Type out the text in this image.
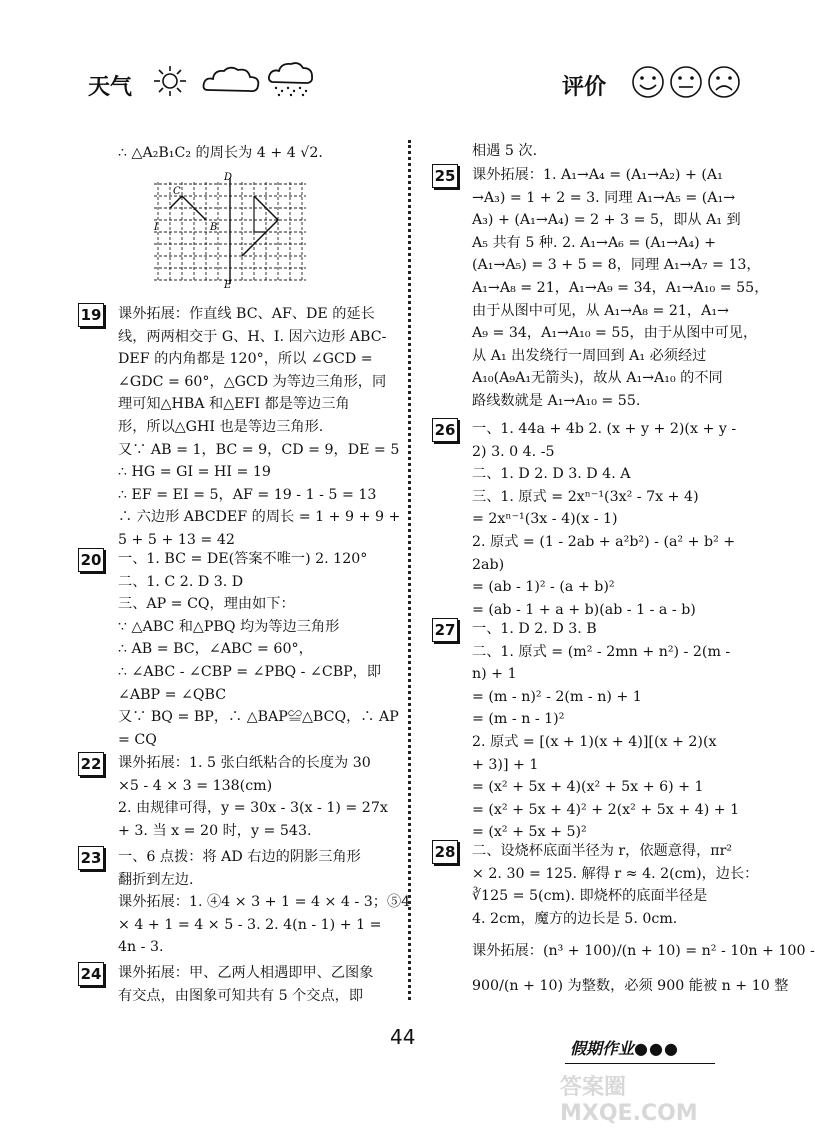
天气	评价
∴ △A₂B₁C₂ 的周长为 4 + 4 √2.
D
I
C
B
E
19 课外拓展：作直线 BC、AF、DE 的延长
线，两两相交于 G、H、I. 因六边形 ABC-
DEF 的内角都是 120°，所以 ∠GCD =
∠GDC = 60°，△GCD 为等边三角形，同
理可知△HBA 和△EFI 都是等边三角
形，所以△GHI 也是等边三角形.
又∵ AB = 1，BC = 9，CD = 9，DE = 5
∴ HG = GI = HI = 19
∴ EF = EI = 5，AF = 19 - 1 - 5 = 13
∴ 六边形 ABCDEF 的周长 = 1 + 9 + 9 +
5 + 5 + 13 = 42
20 一、1. BC = DE(答案不唯一) 2. 120°
二、1. C 2. D 3. D
三、AP = CQ，理由如下：
∵ △ABC 和△PBQ 均为等边三角形
∴ AB = BC，∠ABC = 60°，
∴ ∠ABC - ∠CBP = ∠PBQ - ∠CBP，即
∠ABP = ∠QBC
又∵ BQ = BP，∴ △BAP≌△BCQ，∴ AP
= CQ
22 课外拓展：1. 5 张白纸粘合的长度为 30
×5 - 4 × 3 = 138(cm)
2. 由规律可得，y = 30x - 3(x - 1) = 27x
+ 3. 当 x = 20 时，y = 543.
23 一、6 点拨：将 AD 右边的阴影三角形
翻折到左边.
课外拓展：1. ④4 × 3 + 1 = 4 × 4 - 3；⑤4
× 4 + 1 = 4 × 5 - 3. 2. 4(n - 1) + 1 =
4n - 3.
24 课外拓展：甲、乙两人相遇即甲、乙图象
有交点，由图象可知共有 5 个交点，即
相遇 5 次.
25 课外拓展：1. A₁→A₄ = (A₁→A₂) + (A₁
→A₃) = 1 + 2 = 3. 同理 A₁→A₅ = (A₁→
A₃) + (A₁→A₄) = 2 + 3 = 5，即从 A₁ 到
A₅ 共有 5 种. 2. A₁→A₆ = (A₁→A₄) +
(A₁→A₅) = 3 + 5 = 8，同理 A₁→A₇ = 13，
A₁→A₈ = 21，A₁→A₉ = 34，A₁→A₁₀ = 55，
由于从图中可见，从 A₁→A₈ = 21，A₁→
A₉ = 34，A₁→A₁₀ = 55，由于从图中可见，
从 A₁ 出发绕行一周回到 A₁ 必须经过
A₁₀(A₉A₁无箭头)，故从 A₁→A₁₀ 的不同
路线数就是 A₁→A₁₀ = 55.
26 一、1. 44a + 4b 2. (x + y + 2)(x + y -
2) 3. 0 4. -5
二、1. D 2. D 3. D 4. A
三、1. 原式 = 2xⁿ⁻¹(3x² - 7x + 4)
= 2xⁿ⁻¹(3x - 4)(x - 1)
2. 原式 = (1 - 2ab + a²b²) - (a² + b² +
2ab)
= (ab - 1)² - (a + b)²
= (ab - 1 + a + b)(ab - 1 - a - b)
27 一、1. D 2. D 3. B
二、1. 原式 = (m² - 2mn + n²) - 2(m -
n) + 1
= (m - n)² - 2(m - n) + 1
= (m - n - 1)²
2. 原式 = [(x + 1)(x + 4)][(x + 2)(x
+ 3)] + 1
= (x² + 5x + 4)(x² + 5x + 6) + 1
= (x² + 5x + 4)² + 2(x² + 5x + 4) + 1
= (x² + 5x + 5)²
28 二、设烧杯底面半径为 r，依题意得，πr²
× 2. 30 = 125. 解得 r ≈ 4. 2(cm)，边长：
∛125 = 5(cm). 即烧杯的底面半径是
4. 2cm，魔方的边长是 5. 0cm.
课外拓展：(n³ + 100)/(n + 10) = n² - 10n + 100 -
900/(n + 10) 为整数，必须 900 能被 n + 10 整
44	假期作业●●●
答案圈 MXQE.COM
